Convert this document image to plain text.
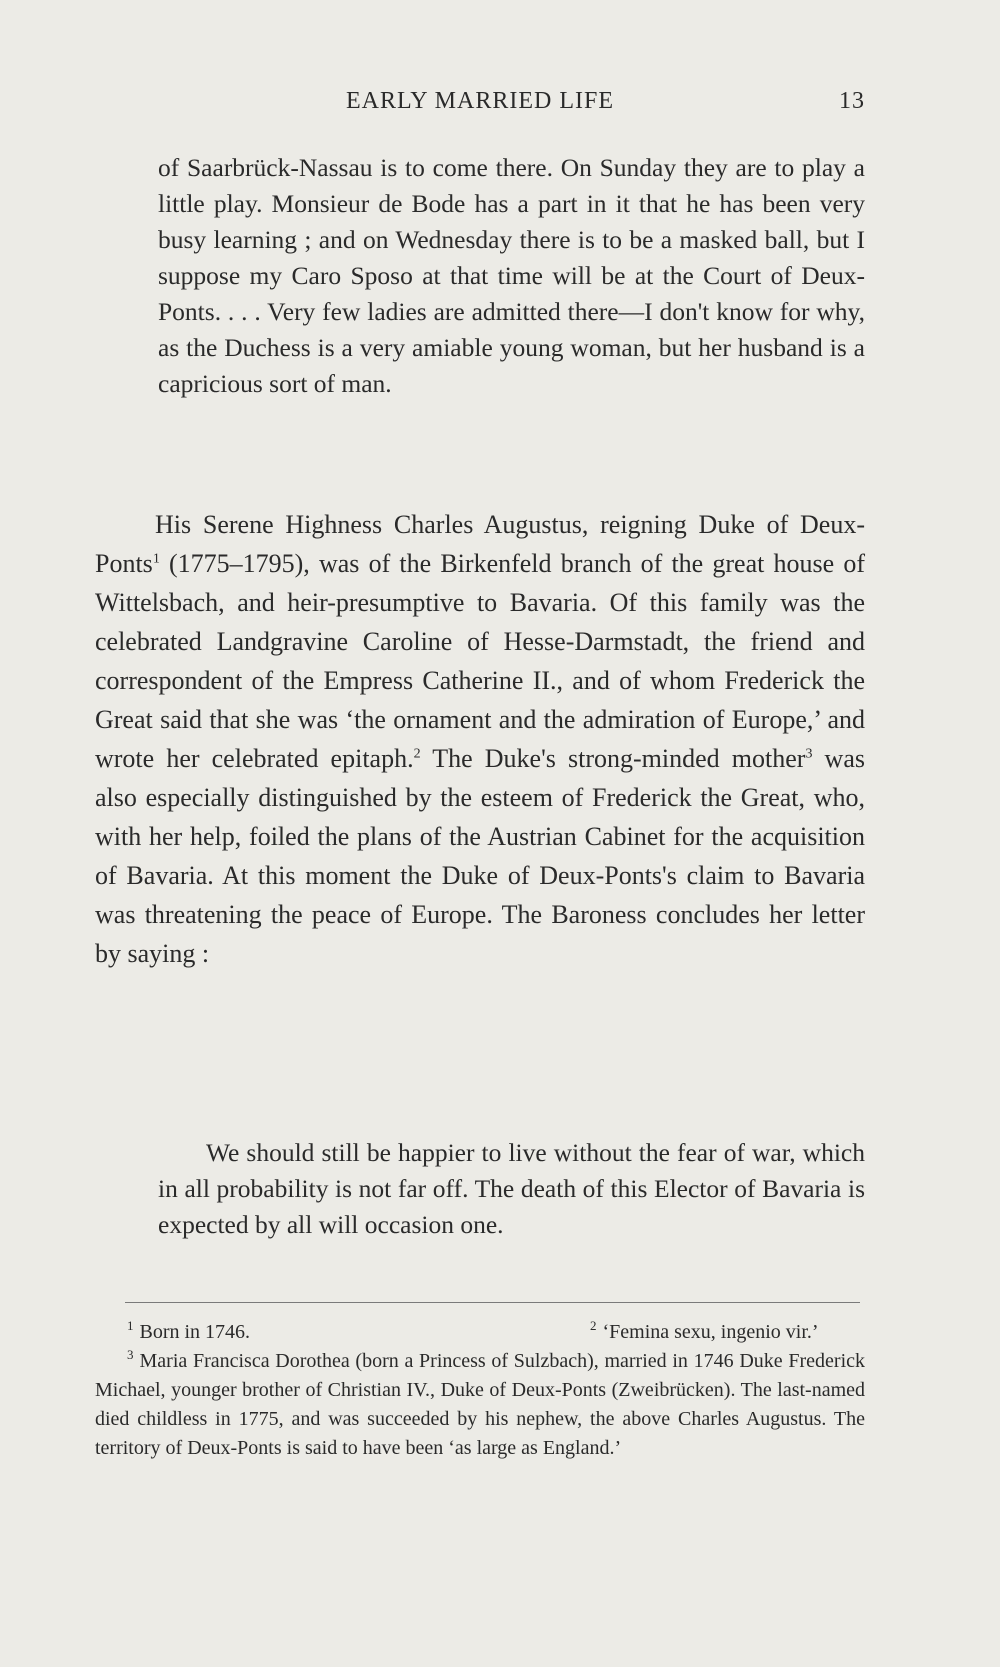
EARLY MARRIED LIFE	13

of Saarbrück-Nassau is to come there. On Sunday they are to play a little play. Monsieur de Bode has a part in it that he has been very busy learning ; and on Wednesday there is to be a masked ball, but I suppose my Caro Sposo at that time will be at the Court of Deux-Ponts. . . . Very few ladies are admitted there—I don't know for why, as the Duchess is a very amiable young woman, but her husband is a capricious sort of man.

His Serene Highness Charles Augustus, reigning Duke of Deux-Ponts$^1$ (1775–1795), was of the Birkenfeld branch of the great house of Wittelsbach, and heir-presumptive to Bavaria. Of this family was the celebrated Landgravine Caroline of Hesse-Darmstadt, the friend and correspondent of the Empress Catherine II., and of whom Frederick the Great said that she was ‘the ornament and the admiration of Europe,’ and wrote her celebrated epitaph.$^2$ The Duke's strong-minded mother$^3$ was also especially distinguished by the esteem of Frederick the Great, who, with her help, foiled the plans of the Austrian Cabinet for the acquisition of Bavaria. At this moment the Duke of Deux-Ponts's claim to Bavaria was threatening the peace of Europe. The Baroness concludes her letter by saying :

We should still be happier to live without the fear of war, which in all probability is not far off. The death of this Elector of Bavaria is expected by all will occasion one.

$^1$ Born in 1746.	$^2$ ‘Femina sexu, ingenio vir.’

$^3$ Maria Francisca Dorothea (born a Princess of Sulzbach), married in 1746 Duke Frederick Michael, younger brother of Christian IV., Duke of Deux-Ponts (Zweibrücken). The last-named died childless in 1775, and was succeeded by his nephew, the above Charles Augustus. The territory of Deux-Ponts is said to have been ‘as large as England.’
